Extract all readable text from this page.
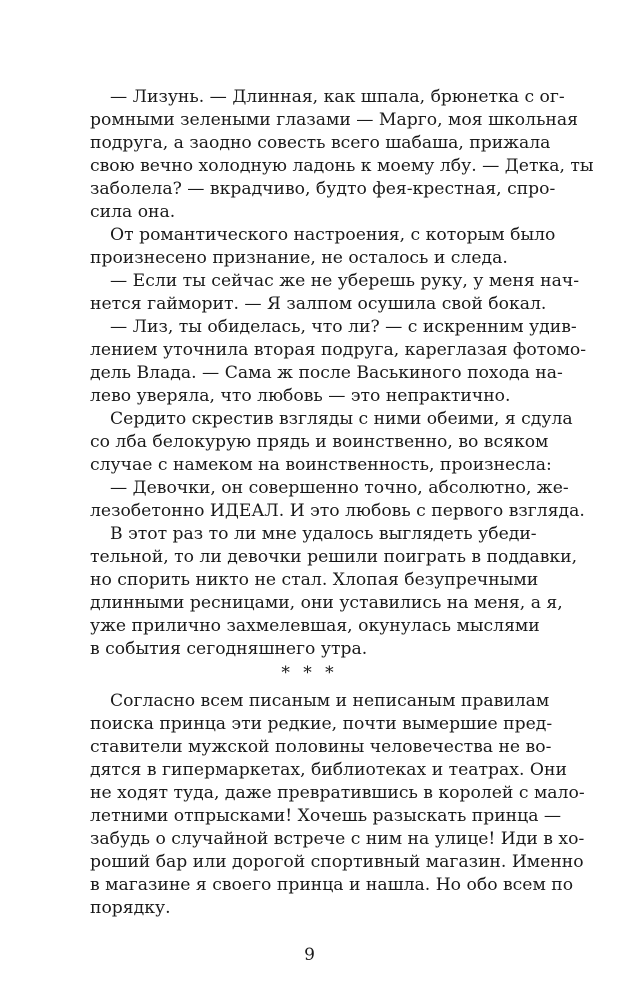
— Лизунь. — Длинная, как шпала, брюнетка с ог-
ромными зелеными глазами — Марго, моя школьная
подруга, а заодно совесть всего шабаша, прижала
свою вечно холодную ладонь к моему лбу. — Детка, ты
заболела? — вкрадчиво, будто фея-крестная, спро-
сила она.
От романтического настроения, с которым было
произнесено признание, не осталось и следа.
— Если ты сейчас же не уберешь руку, у меня нач-
нется гайморит. — Я залпом осушила свой бокал.
— Лиз, ты обиделась, что ли? — с искренним удив-
лением уточнила вторая подруга, кареглазая фотомо-
дель Влада. — Сама ж после Васькиного похода на-
лево уверяла, что любовь — это непрактично.
Сердито скрестив взгляды с ними обеими, я сдула
со лба белокурую прядь и воинственно, во всяком
случае с намеком на воинственность, произнесла:
— Девочки, он совершенно точно, абсолютно, же-
лезобетонно ИДЕАЛ. И это любовь с первого взгляда.
В этот раз то ли мне удалось выглядеть убеди-
тельной, то ли девочки решили поиграть в поддавки,
но спорить никто не стал. Хлопая безупречными
длинными ресницами, они уставились на меня, а я,
уже прилично захмелевшая, окунулась мыслями
в события сегодняшнего утра.
Согласно всем писаным и неписаным правилам
поиска принца эти редкие, почти вымершие пред-
ставители мужской половины человечества не во-
дятся в гипермаркетах, библиотеках и театрах. Они
не ходят туда, даже превратившись в королей с мало-
летними отпрысками! Хочешь разыскать принца —
забудь о случайной встрече с ним на улице! Иди в хо-
роший бар или дорогой спортивный магазин. Именно
в магазине я своего принца и нашла. Но обо всем по
порядку.
* * *
9
